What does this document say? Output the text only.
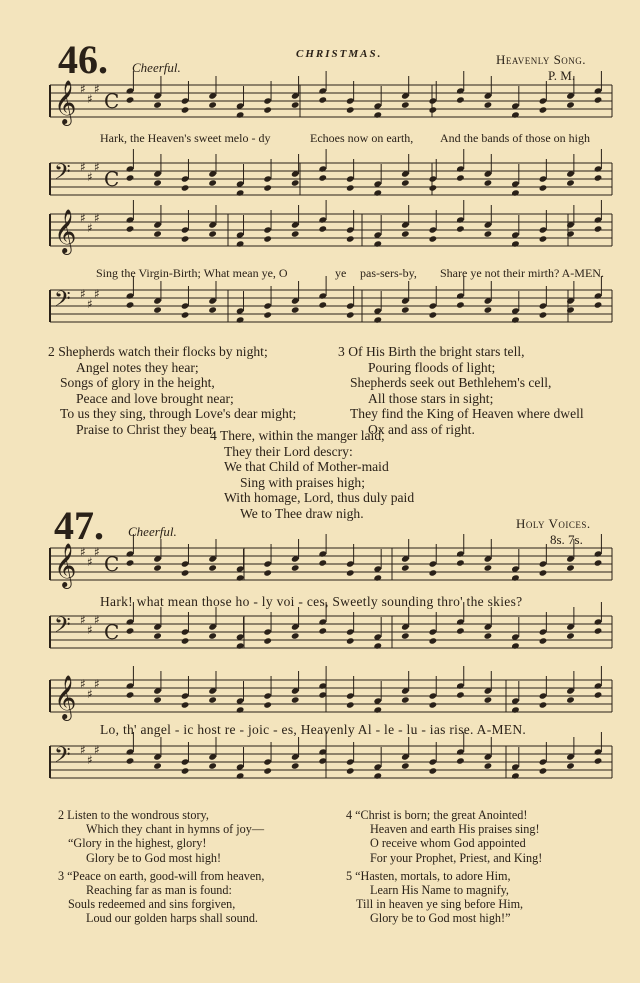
𝄞 ♯
♯
♯ C
𝄢 ♯
♯
♯ C
𝄞 ♯
♯
♯
𝄢 ♯
♯
♯
𝄞 ♯
♯
♯ C
𝄢 ♯
♯
♯ C
𝄞 ♯
♯
♯
𝄢 ♯
♯
♯
46.	CHRISTMAS.	Heavenly Song.
P. M.
Cheerful.
Hark, the Heaven's sweet melo - dy	Echoes now on earth, And the bands of those on high
Sing the Virgin-Birth; What mean ye, O	ye pas-sers-by, Share ye not their mirth? A-MEN.
2 Shepherds watch their flocks by night;
Angel notes they hear;
Songs of glory in the height,
Peace and love brought near;
To us they sing, through Love's dear might;
Praise to Christ they bear.
3 Of His Birth the bright stars tell,
Pouring floods of light;
Shepherds seek out Bethlehem's cell,
All those stars in sight;
They find the King of Heaven where dwell
Ox and ass of right.
4 There, within the manger laid,
They their Lord descry:
We that Child of Mother-maid
Sing with praises high;
With homage, Lord, thus duly paid
We to Thee draw nigh.
47.	Holy Voices.
8s. 7s.
Cheerful.
Hark! what mean those ho - ly voi - ces, Sweetly sounding thro' the skies?
Lo, th' angel - ic host re - joic - es, Heavenly Al - le - lu - ias rise. A-MEN.
2 Listen to the wondrous story,
Which they chant in hymns of joy—
“Glory in the highest, glory!
Glory be to God most high!
3 “Peace on earth, good-will from heaven,
Reaching far as man is found:
Souls redeemed and sins forgiven,
Loud our golden harps shall sound.
4 “Christ is born; the great Anointed!
Heaven and earth His praises sing!
O receive whom God appointed
For your Prophet, Priest, and King!
5 “Hasten, mortals, to adore Him,
Learn His Name to magnify,
Till in heaven ye sing before Him,
Glory be to God most high!”
